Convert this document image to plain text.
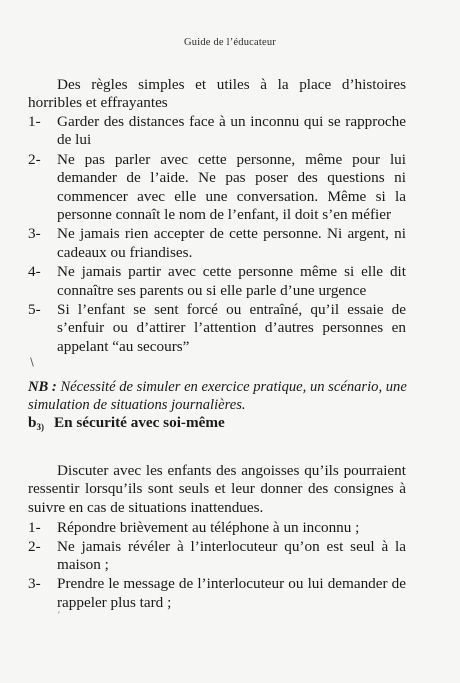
Guide de l’éducateur
Des règles simples et utiles à la place d’histoires horribles et effrayantes
1-	Garder des distances face à un inconnu qui se rapproche de lui
2-	Ne pas parler avec cette personne, même pour lui demander de l’aide. Ne pas poser des questions ni commencer avec elle une conversation. Même si la personne connaît le nom de l’enfant, il doit s’en méfier
3-	Ne jamais rien accepter de cette personne. Ni argent, ni cadeaux ou friandises.
4-	Ne jamais partir avec cette personne même si elle dit connaître ses parents ou si elle parle d’une urgence
5-	Si l’enfant se sent forcé ou entraîné, qu’il essaie de s’enfuir ou d’attirer l’attention d’autres personnes en appelant “au secours”
∖
NB : Nécessité de simuler en exercice pratique, un scénario, une simulation de situations journalières.
$b_{3)}$ En sécurité avec soi-même
Discuter avec les enfants des angoisses qu’ils pourraient ressentir lorsqu’ils sont seuls et leur donner des consignes à suivre en cas de situations inattendues.
1-	Répondre brièvement au téléphone à un inconnu ;
2-	Ne jamais révéler à l’interlocuteur qu’on est seul à la maison ;
3-	Prendre le message de l’interlocuteur ou lui demander de rappeler plus tard ;
′
